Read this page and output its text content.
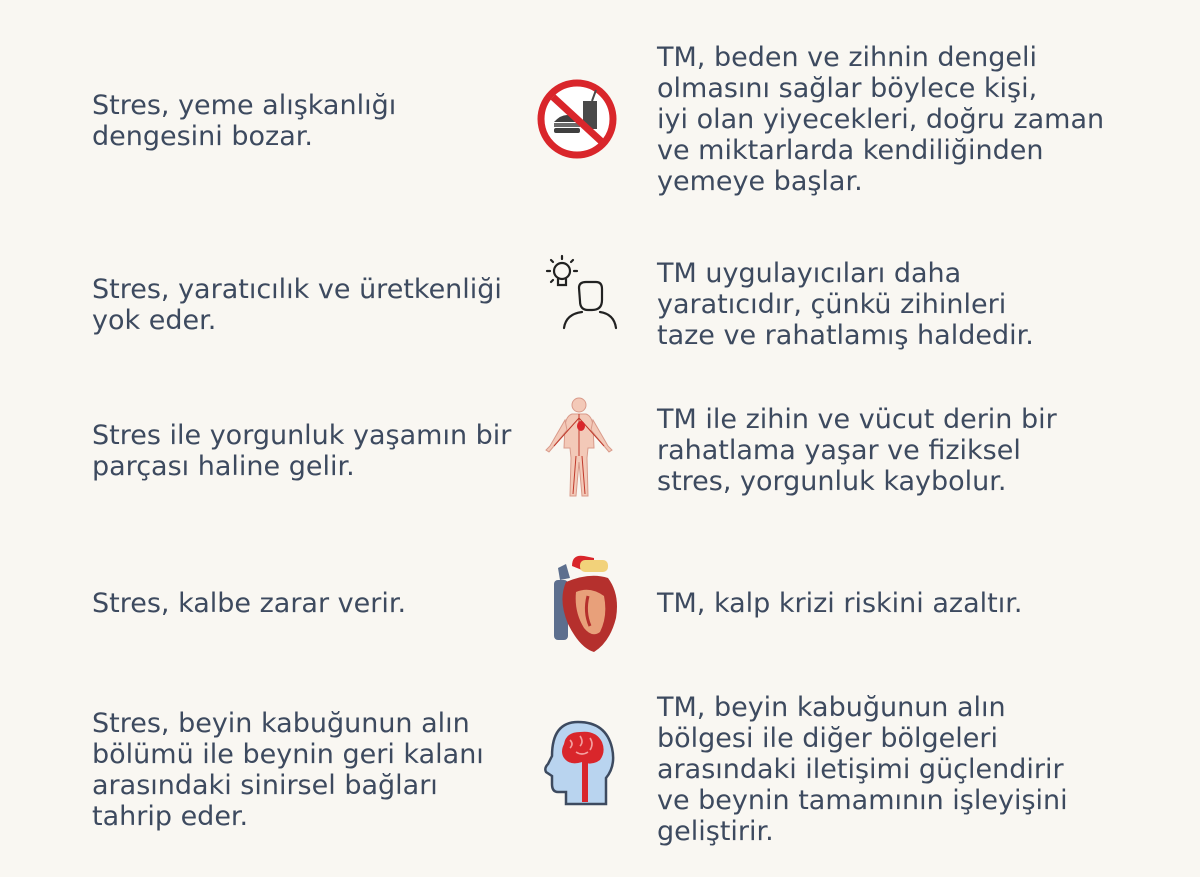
Stres, yeme alışkanlığı

dengesini bozar.

TM, beden ve zihnin dengeli

olmasını sağlar böylece kişi,

iyi olan yiyecekleri, doğru zaman

ve miktarlarda kendiliğinden

yemeye başlar.

Stres, yaratıcılık ve üretkenliği

yok eder.

TM uygulayıcıları daha

yaratıcıdır, çünkü zihinleri

taze ve rahatlamış haldedir.

Stres ile yorgunluk yaşamın bir

parçası haline gelir.

TM ile zihin ve vücut derin bir

rahatlama yaşar ve fiziksel

stres, yorgunluk kaybolur.

Stres, kalbe zarar verir.	TM, kalp krizi riskini azaltır.

Stres, beyin kabuğunun alın

bölümü ile beynin geri kalanı

arasındaki sinirsel bağları

tahrip eder.

TM, beyin kabuğunun alın

bölgesi ile diğer bölgeleri

arasındaki iletişimi güçlendirir

ve beynin tamamının işleyişini

geliştirir.
